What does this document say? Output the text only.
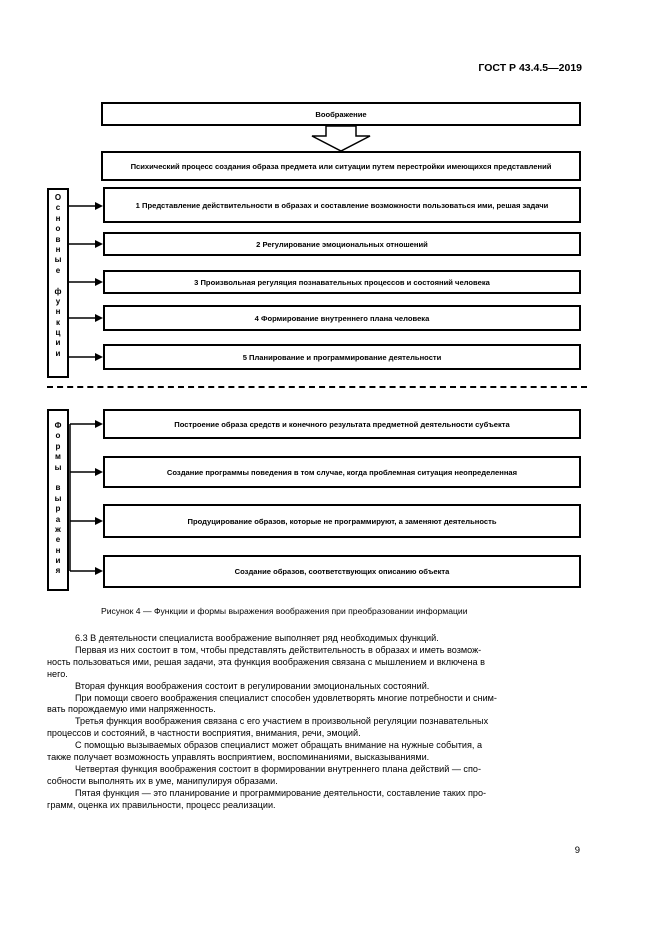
ГОСТ Р 43.4.5—2019
Воображение
Психический процесс создания образа предмета или ситуации путем перестройки имеющихся представлений
О
с
н
о
в
н
ы
е

ф
у
н
к
ц
и
и
1 Представление действительности в образах и составление возможности пользоваться ими, решая задачи
2 Регулирование эмоциональных отношений
3 Произвольная регуляция познавательных процессов и состояний человека
4 Формирование внутреннего плана человека
5 Планирование и программирование деятельности
Ф
о
р
м
ы

в
ы
р
а
ж
е
н
и
я
Построение образа средств и конечного результата предметной деятельности субъекта
Создание программы поведения в том случае, когда проблемная ситуация неопределенная
Продуцирование образов, которые не программируют, а заменяют деятельность
Создание образов, соответствующих описанию объекта
Рисунок 4 — Функции и формы выражения воображения при преобразовании информации

6.3 В деятельности специалиста воображение выполняет ряд необходимых функций.

Первая из них состоит в том, чтобы представлять действительность в образах и иметь возмож-

ность пользоваться ими, решая задачи, эта функция воображения связана с мышлением и включена в

него.

Вторая функция воображения состоит в регулировании эмоциональных состояний.

При помощи своего воображения специалист способен удовлетворять многие потребности и сним-

вать порождаемую ими напряженность.

Третья функция воображения связана с его участием в произвольной регуляции познавательных

процессов и состояний, в частности восприятия, внимания, речи, эмоций.

С помощью вызываемых образов специалист может обращать внимание на нужные события, а

также получает возможность управлять восприятием, воспоминаниями, высказываниями.

Четвертая функция воображения состоит в формировании внутреннего плана действий — спо-

собности выполнять их в уме, манипулируя образами.

Пятая функция — это планирование и программирование деятельности, составление таких про-

грамм, оценка их правильности, процесс реализации.

9
